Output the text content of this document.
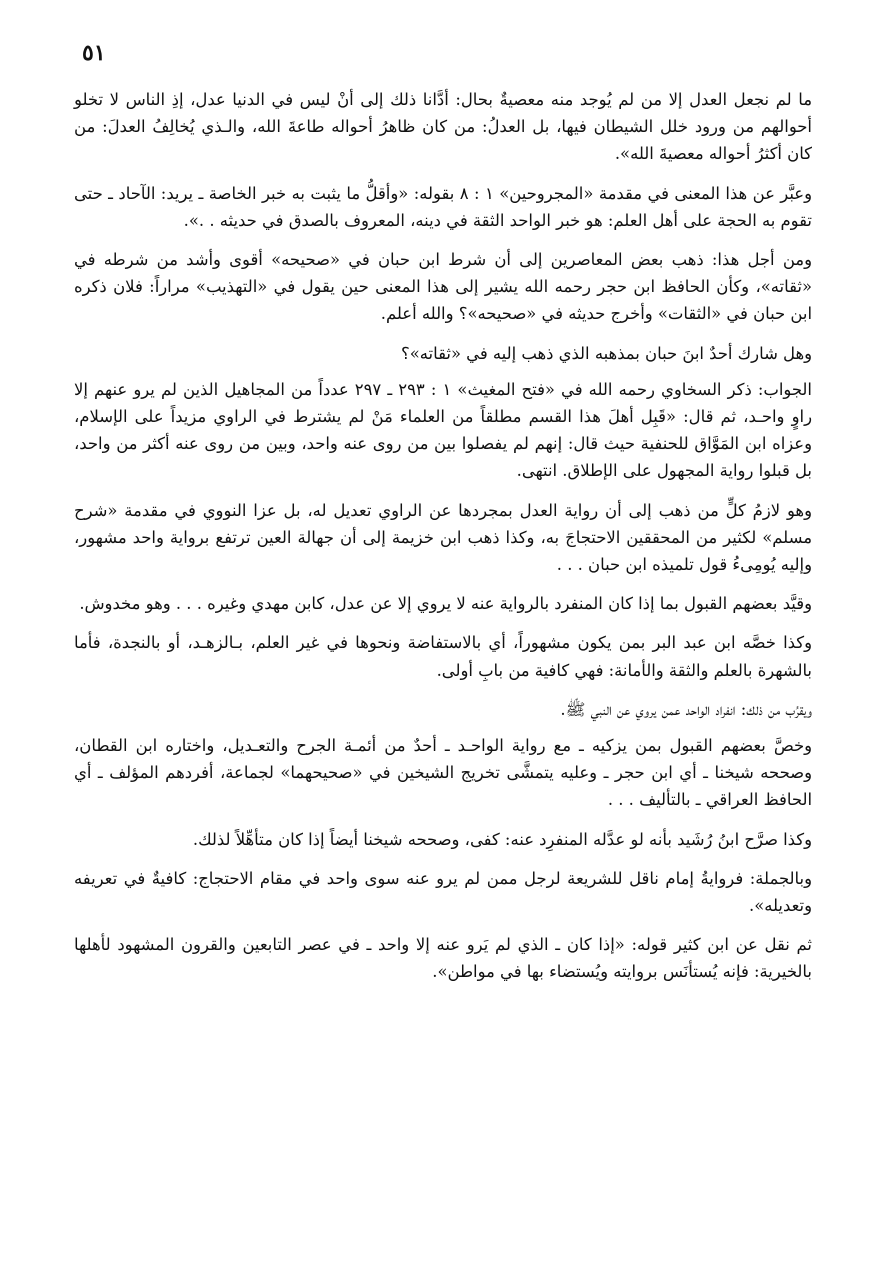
٥١

ما لم نجعل العدل إلا من لم يُوجد منه معصيةٌ بحال: أدَّانا ذلك إلى أنْ ليس في الدنيا عدل، إذِ الناس لا تخلو أحوالهم من ورود خلل الشيطان فيها، بل العدلُ: من كان ظاهرُ أحواله طاعةَ الله، والـذي يُخالِفُ العدلَ: من كان أكثرُ أحواله معصيةَ الله».

وعبَّر عن هذا المعنى في مقدمة «المجروحين» ١ : ٨ بقوله: «وأقلُّ ما يثبت به خبر الخاصة ـ يريد: الآحاد ـ حتى تقوم به الحجة على أهل العلم: هو خبر الواحد الثقة في دينه، المعروف بالصدق في حديثه . .».

ومن أجل هذا: ذهب بعض المعاصرين إلى أن شرط ابن حبان في «صحيحه» أقوى وأشد من شرطه في «ثقاته»، وكأن الحافظ ابن حجر رحمه الله يشير إلى هذا المعنى حين يقول في «التهذيب» مراراً: فلان ذكره ابن حبان في «الثقات» وأخرج حديثه في «صحيحه»؟ والله أعلم.

وهل شارك أحدٌ ابنَ حبان بمذهبه الذي ذهب إليه في «ثقاته»؟

الجواب: ذكر السخاوي رحمه الله في «فتح المغيث» ١ : ٢٩٣ ـ ٢٩٧ عدداً من المجاهيل الذين لم يرو عنهم إلا راوٍ واحـد، ثم قال: «قَبِل أهلَ هذا القسم مطلقاً من العلماء مَنْ لم يشترط في الراوي مزيداً على الإسلام، وعزاه ابن المَوَّاق للحنفية حيث قال: إنهم لم يفصلوا بين من روى عنه واحد، وبين من روى عنه أكثر من واحد، بل قبلوا رواية المجهول على الإطلاق. انتهى.

وهو لازمُ كلٍّ من ذهب إلى أن رواية العدل بمجردها عن الراوي تعديل له، بل عزا النووي في مقدمة «شرح مسلم» لكثير من المحققين الاحتجاجَ به، وكذا ذهب ابن خزيمة إلى أن جهالة العين ترتفع برواية واحد مشهور، وإليه يُومِىءُ قول تلميذه ابن حبان . . .

وقيَّد بعضهم القبول بما إذا كان المنفرد بالرواية عنه لا يروي إلا عن عدل، كابن مهدي وغيره . . . وهو مخدوش.

وكذا خصَّه ابن عبد البر بمن يكون مشهوراً، أي بالاستفاضة ونحوها في غير العلم، بـالزهـد، أو بالنجدة، فأما بالشهرة بالعلم والثقة والأمانة: فهي كافية من بابِ أولى.

ويقرُب من ذلك: انفراد الواحد عمن يروي عن النبي ﷺ.

وخصَّ بعضهم القبول بمن يزكيه ـ مع رواية الواحـد ـ أحدٌ من أئمـة الجرح والتعـديل، واختاره ابن القطان، وصححه شيخنا ـ أي ابن حجر ـ وعليه يتمشَّى تخريج الشيخين في «صحيحهما» لجماعة، أفردهم المؤلف ـ أي الحافظ العراقي ـ بالتأليف . . .

وكذا صرَّح ابنُ رُشَيد بأنه لو عدَّله المنفرِد عنه: كفى، وصححه شيخنا أيضاً إذا كان متأهِّلاً لذلك.

وبالجملة: فروايةُ إمام ناقل للشريعة لرجل ممن لم يرو عنه سوى واحد في مقام الاحتجاج: كافيةٌ في تعريفه وتعديله».

ثم نقل عن ابن كثير قوله: «إذا كان ـ الذي لم يَرو عنه إلا واحد ـ في عصر التابعين والقرون المشهود لأهلها بالخيرية: فإنه يُستأنَس بروايته ويُستضاء بها في مواطن».
